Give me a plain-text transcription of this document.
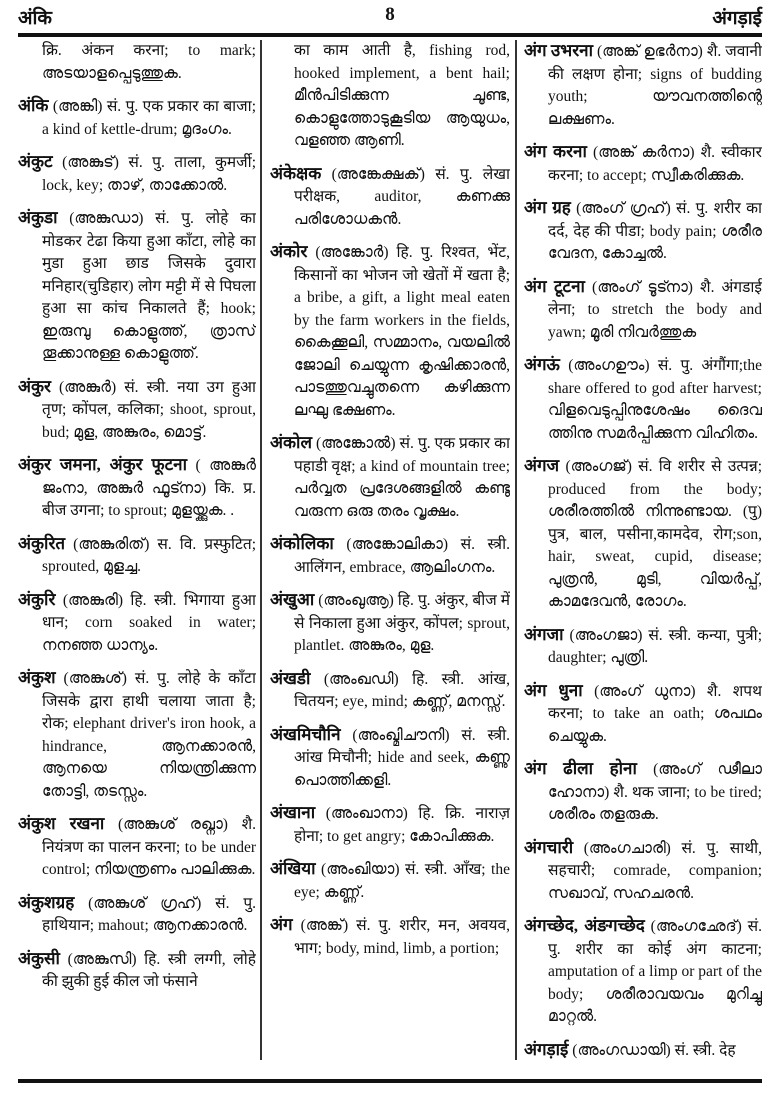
अंकि	8	अंगड़ाई
क्रि. अंकन करना; to mark; അടയാളപ്പെടുത്തുക.
अंकि (അങ്കി) सं. पु. एक प्रकार का बाजा; a kind of kettle-drum; മൃദംഗം.
अंकुट (അങ്കുട്) सं. पु. ताला, कुमर्जी; lock, key; താഴ്, താക്കോൽ.
अंकुडा (അങ്കുഡാ) सं. पु. लोहे का मोडकर टेढा किया हुआ काँटा, लोहे का मुडा हुआ छाड जिसके दुवारा मनिहार(चुडिहार) लोग मट्टी में से पिघला हुआ सा कांच निकालते हैं; hook; ഇരുമ്പു കൊളുത്ത്, ത്രാസ് തൂക്കാനുള്ള കൊളുത്ത്.
अंकुर (അങ്കുർ) सं. स्त्री. नया उग हुआ तृण; कोंपल, कलिका; shoot, sprout, bud; മുള, അങ്കുരം, മൊട്ട്.
अंकुर जमना, अंकुर फूटना ( അങ്കുർ ജംനാ, അങ്കുർ ഫൂട്നാ) कि. प्र. बीज उगना; to sprout; മുളയ്ക്കുക. .
अंकुरित (അങ്കുരിത്) स. वि. प्रस्फुटित; sprouted, മുളച്ച.
अंकुरि (അങ്കുരി) हि. स्त्री. भिगाया हुआ धान; corn soaked in water; നനഞ്ഞ ധാന്യം.
अंकुश (അങ്കുശ്) सं. पु. लोहे के काँटा जिसके द्वारा हाथी चलाया जाता है; रोक; elephant driver's iron hook, a hindrance, ആനക്കാരൻ, ആനയെ നിയന്ത്രിക്കുന്ന തോട്ടി, തടസ്സം.
अंकुश रखना (അങ്കുശ് രഖ്നാ) शै. नियंत्रण का पालन करना; to be under control; നിയന്ത്രണം പാലിക്കുക.
अंकुशग्रह (അങ്കുശ് ഗ്രഹ്) सं. पु. हाथियान; mahout; ആനക്കാരൻ.
अंकुसी (അങ്കുസി) हि. स्त्री लग्गी, लोहे की झुकी हुई कील जो फंसाने
का काम आती है, fishing rod, hooked implement, a bent hail; മീൻപിടിക്കുന്ന ചൂണ്ട, കൊളുത്തോടുകൂടിയ ആയുധം, വളഞ്ഞ ആണി.
अंकेक्षक (അങ്കേക്ഷക്) सं. पु. लेखा परीक्षक, auditor, കണക്കു പരിശോധകൻ.
अंकोर (അങ്കോർ) हि. पु. रिश्वत, भेंट, किसानों का भोजन जो खेतों में खता है; a bribe, a gift, a light meal eaten by the farm workers in the fields, കൈക്കൂലി, സമ്മാനം, വയലിൽ ജോലി ചെയ്യുന്ന കൃഷിക്കാരൻ, പാടത്തുവച്ചുതന്നെ കഴിക്കുന്ന ലഘു ഭക്ഷണം.
अंकोल (അങ്കോൽ) सं. पु. एक प्रकार का पहाडी वृक्ष; a kind of mountain tree; പർവ്വത പ്രദേശങ്ങളിൽ കണ്ടു വരുന്ന ഒരു തരം വൃക്ഷം.
अंकोलिका (അങ്കോലികാ) सं. स्त्री. आलिंगन, embrace, ആലിംഗനം.
अंखुआ (അംഖുആ) हि. पु. अंकुर, बीज में से निकाला हुआ अंकुर, कोंपल; sprout, plantlet. അങ്കുരം, മുള.
अंखडी (അംഖഡി) हि. स्त्री. आंख, चितयन; eye, mind; കണ്ണ്, മനസ്സ്.
अंखमिचौनि (അംഖ്മിചൗനി) सं. स्त्री. आंख मिचौनी; hide and seek, കണ്ണു പൊത്തിക്കളി.
अंखाना (അംഖാനാ) हि. क्रि. नाराज़ होना; to get angry; കോപിക്കുക.
अंखिया (അംഖിയാ) सं. स्त्री. आँख; the eye; കണ്ണ്.
अंग (അങ്ക്) सं. पु. शरीर, मन, अवयव, भाग; body, mind, limb, a portion;
अंग उभरना (അങ്ക് ഉഭർനാ) शै. जवानी की लक्षण होना; signs of budding youth; യൗവനത്തിന്റെ ലക്ഷണം.
अंग करना (അങ്ക് കർനാ) शै. स्वीकार करना; to accept; സ്വീകരിക്കുക.
अंग ग्रह (അംഗ് ഗ്രഹ്) सं. पु. शरीर का दर्द, देह की पीडा; body pain; ശരീര വേദന, കോച്ചൽ.
अंग टूटना (അംഗ് ടൂട്നാ) शै. अंगडाई लेना; to stretch the body and yawn; മൂരി നിവർത്തുക
अंगऊं (അംഗഊം) सं. पु. अंगौंगा;the share offered to god after harvest; വിളവെടുപ്പിനുശേഷം ദൈവ ത്തിനു സമർപ്പിക്കുന്ന വിഹിതം.
अंगज (അംഗജ്) सं. वि शरीर से उत्पन्न; produced from the body; ശരീരത്തിൽ നിന്നുണ്ടായ. (पु) पुत्र, बाल, पसीना,कामदेव, रोग;son, hair, sweat, cupid, disease; പുത്രൻ, മുടി, വിയർപ്പ്, കാമദേവൻ, രോഗം.
अंगजा (അംഗജാ) सं. स्त्री. कन्या, पुत्री; daughter; പുത്രി.
अंग धुना (അംഗ് ധുനാ) शै. शपथ करना; to take an oath; ശപഥം ചെയ്യുക.
अंग ढीला होना (അംഗ് ഢീലാ ഹോനാ) शै. थक जाना; to be tired; ശരീരം തളരുക.
अंगचारी (അംഗചാരി) सं. पु. साथी, सहचारी; comrade, companion; സഖാവ്, സഹചരൻ.
अंगच्छेद, अंङगच्छेद (അംഗഛേദ്) सं. पु. शरीर का कोई अंग काटना; amputation of a limp or part of the body; ശരീരാവയവം മുറിച്ചു മാറ്റൽ.
अंगड़ाई (അംഗഡായി) सं. स्त्री. देह
